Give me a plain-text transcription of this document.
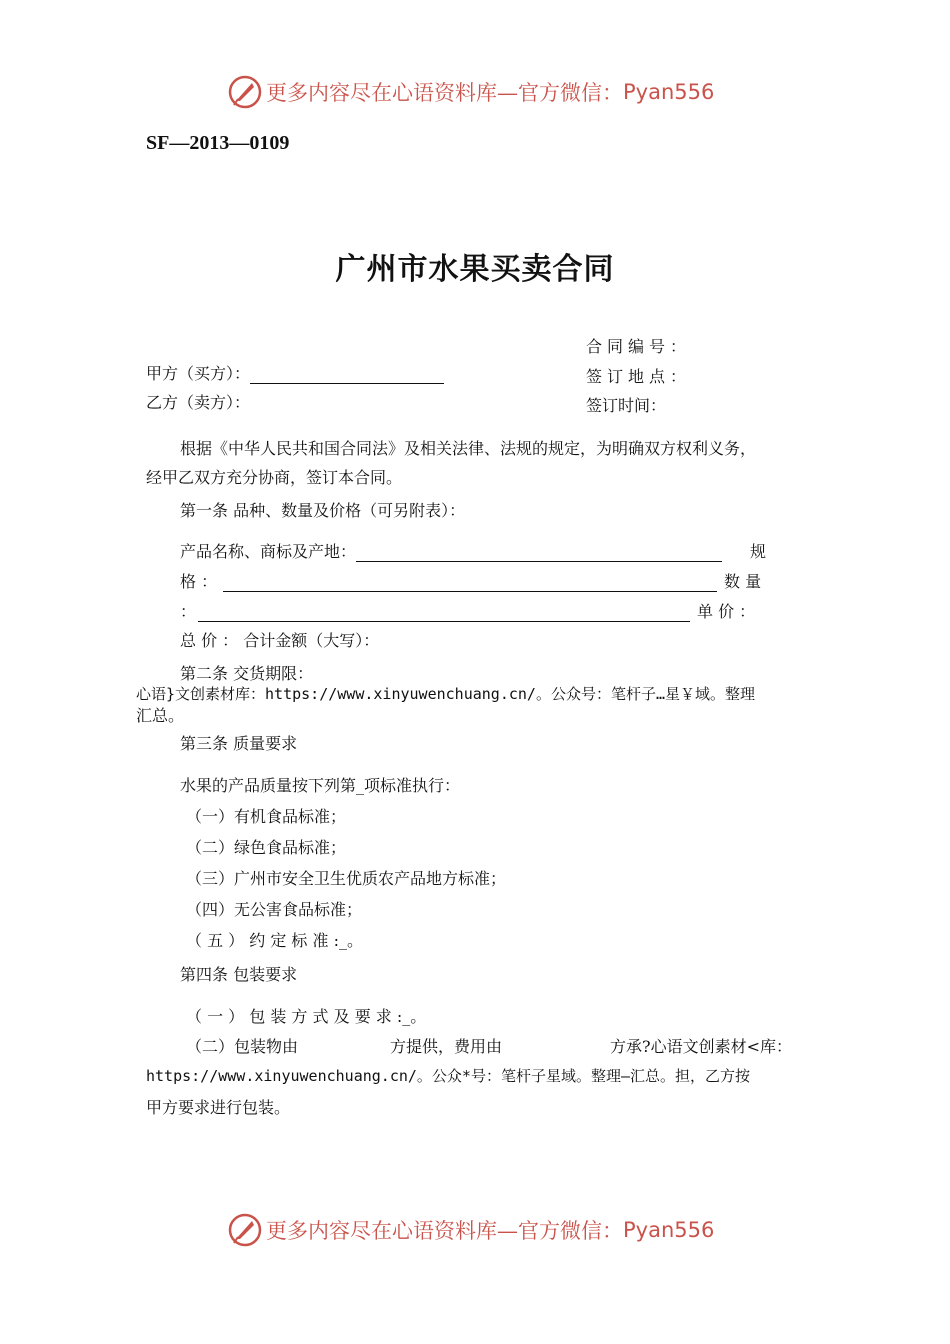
更多内容尽在心语资料库—官方微信： Pyan556
SF—2013—0109
广州市水果买卖合同
合同编号：
甲方（买方）：	签订地点：
乙方（卖方）：	签订时间：
根据《中华人民共和国合同法》及相关法律、法规的规定，为明确双方权利义务，
经甲乙双方充分协商，签订本合同。
第一条 品种、数量及价格（可另附表）：
产品名称、商标及产地：	规
格 ：	数 量
：	单 价 ：
总 价 ： 合计金额（大写）：
第二条 交货期限：
心语}文创素材库：https://www.xinyuwenchuang.cn/。公众号：笔杆子…星￥域。整理
汇总。
第三条 质量要求
水果的产品质量按下列第_项标准执行：
（一）有机食品标准；
（二）绿色食品标准；
（三）广州市安全卫生优质农产品地方标准；
（四）无公害食品标准；
（ 五 ） 约 定 标 准 :_。
第四条 包装要求
（ 一 ） 包 装 方 式 及 要 求 :_。
（二）包装物由	方提供，费用由	方承?心语文创素材<库：
https://www.xinyuwenchuang.cn/。公众*号：笔杆子星域。整理—汇总。担，乙方按
甲方要求进行包装。
更多内容尽在心语资料库—官方微信： Pyan556
